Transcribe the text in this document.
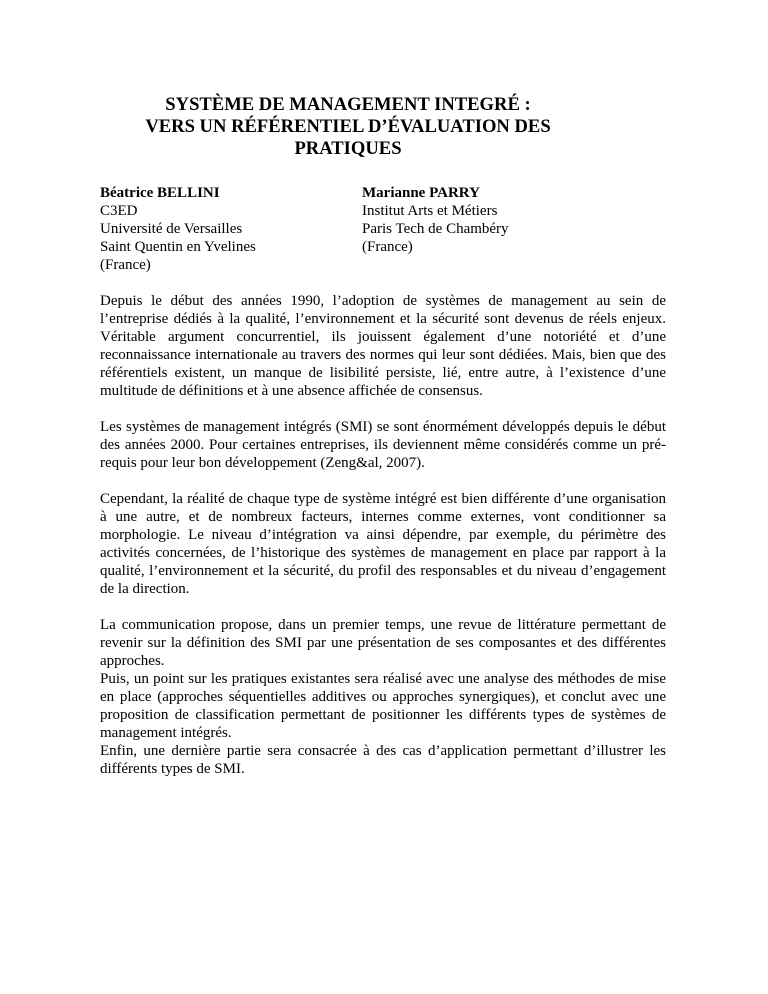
SYSTÈME DE MANAGEMENT INTEGRÉ :
VERS UN RÉFÉRENTIEL D’ÉVALUATION DES
PRATIQUES
Béatrice BELLINI
C3ED
Université de Versailles
Saint Quentin en Yvelines
(France)
Marianne PARRY
Institut Arts et Métiers
Paris Tech de Chambéry
(France)

Depuis le début des années 1990, l’adoption de systèmes de management au sein de l’entreprise dédiés à la qualité, l’environnement et la sécurité sont devenus de réels enjeux. Véritable argument concurrentiel, ils jouissent également d’une notoriété et d’une reconnaissance internationale au travers des normes qui leur sont dédiées. Mais, bien que des référentiels existent, un manque de lisibilité persiste, lié, entre autre, à l’existence d’une multitude de définitions et à une absence affichée de consensus.

Les systèmes de management intégrés (SMI) se sont énormément développés depuis le début des années 2000. Pour certaines entreprises, ils deviennent même considérés comme un pré-requis pour leur bon développement (Zeng&al, 2007).

Cependant, la réalité de chaque type de système intégré est bien différente d’une organisation à une autre, et de nombreux facteurs, internes comme externes, vont conditionner sa morphologie. Le niveau d’intégration va ainsi dépendre, par exemple, du périmètre des activités concernées, de l’historique des systèmes de management en place par rapport à la qualité, l’environnement et la sécurité, du profil des responsables et du niveau d’engagement de la direction.

La communication propose, dans un premier temps, une revue de littérature permettant de revenir sur la définition des SMI par une présentation de ses composantes et des différentes approches.

Puis, un point sur les pratiques existantes sera réalisé avec une analyse des méthodes de mise en place (approches séquentielles additives ou approches synergiques), et conclut avec une proposition de classification permettant de positionner les différents types de systèmes de management intégrés.

Enfin, une dernière partie sera consacrée à des cas d’application permettant d’illustrer les différents types de SMI.
